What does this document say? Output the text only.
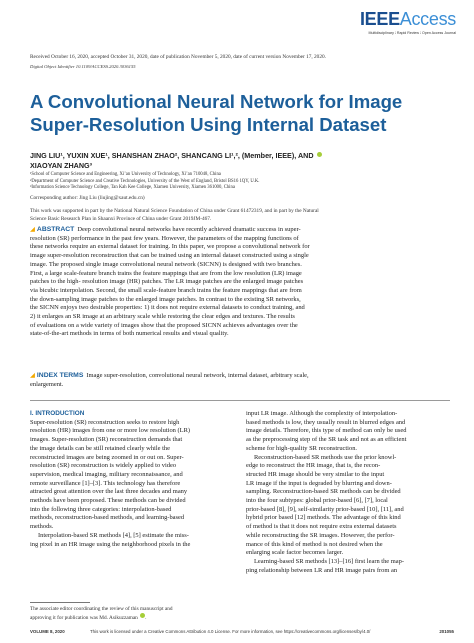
IEEEAccess
Multidisciplinary ⁞ Rapid Review ⁞ Open Access Journal
Received October 16, 2020, accepted October 31, 2020, date of publication November 5, 2020, date of current version November 17, 2020.
Digital Object Identifier 10.1109/ACCESS.2020.3036155
A Convolutional Neural Network for Image
Super-Resolution Using Internal Dataset
JING LIU¹, YUXIN XUE¹, SHANSHAN ZHAO², SHANCANG LI¹,², (Member, IEEE), AND
XIAOYAN ZHANG³
¹School of Computer Science and Engineering, Xi’an University of Technology, Xi’an 710048, China
²Department of Computer Science and Creative Technologies, University of the West of England, Bristol BS16 1QY, U.K.
³Information Science Technology College, Tan Kah Kee College, Xiamen University, Xiamen 361000, China
Corresponding author: Jing Liu (liujing@xaut.edu.cn)
This work was supported in part by the National Natural Science Foundation of China under Grant 61472319, and in part by the Natural
Science Basic Research Plan in Shaanxi Province of China under Grant 2019JM-467.
◢ ABSTRACT Deep convolutional neural networks have recently achieved dramatic success in super-
resolution (SR) performance in the past few years. However, the parameters of the mapping functions of
these networks require an external dataset for training. In this paper, we propose a convolutional network for
image super-resolution reconstruction that can be trained using an internal dataset constructed using a single
image. The proposed single image convolutional neural network (SICNN) is designed with two branches.
First, a large scale-feature branch trains the feature mappings that are from the low resolution (LR) image
patches to the high- resolution image (HR) patches. The LR image patches are the enlarged image patches
via bicubic interpolation. Second, the small scale-feature branch trains the feature mappings that are from
the down-sampling image patches to the enlarged image patches. In contrast to the existing SR networks,
the SICNN enjoys two desirable properties: 1) it does not require external datasets to conduct training, and
2) it enlarges an SR image at an arbitrary scale while restoring the clear edges and textures. The results
of evaluations on a wide variety of images show that the proposed SICNN achieves advantages over the
state-of-the-art methods in terms of both numerical results and visual quality.
◢ INDEX TERMS Image super-resolution, convolutional neural network, internal dataset, arbitrary scale,
enlargement.
I. INTRODUCTION
Super-resolution (SR) reconstruction seeks to restore high
resolution (HR) images from one or more low resolution (LR)
images. Super-resolution (SR) reconstruction demands that
the image details can be still retained clearly while the
reconstructed images are being zoomed in or out on. Super-
resolution (SR) reconstruction is widely applied to video
supervision, medical imaging, military reconnaissance, and
remote surveillance [1]–[3]. This technology has therefore
attracted great attention over the last three decades and many
methods have been proposed. These methods can be divided
into the following three categories: interpolation-based
methods, reconstruction-based methods, and learning-based
methods.
Interpolation-based SR methods [4], [5] estimate the miss-
ing pixel in an HR image using the neighborhood pixels in the
input LR image. Although the complexity of interpolation-
based methods is low, they usually result in blurred edges and
image details. Therefore, this type of method can only be used
as the preprocessing step of the SR task and not as an efficient
scheme for high-quality SR reconstruction.
Reconstruction-based SR methods use the prior knowl-
edge to reconstruct the HR image, that is, the recon-
structed HR image should be very similar to the input
LR image if the input is degraded by blurring and down-
sampling. Reconstruction-based SR methods can be divided
into the four subtypes: global prior-based [6], [7], local
prior-based [8], [9], self-similarity prior-based [10], [11], and
hybrid prior based [12] methods. The advantage of this kind
of method is that it does not require extra external datasets
while reconstructing the SR images. However, the perfor-
mance of this kind of method is not desired when the
enlarging scale factor becomes larger.
Learning-based SR methods [13]–[16] first learn the map-
ping relationship between LR and HR image pairs from an
The associate editor coordinating the review of this manuscript and
approving it for publication was Md. Asikuzzaman .
VOLUME 8, 2020	This work is licensed under a Creative Commons Attribution 4.0 License. For more information, see https://creativecommons.org/licenses/by/4.0/	201055
